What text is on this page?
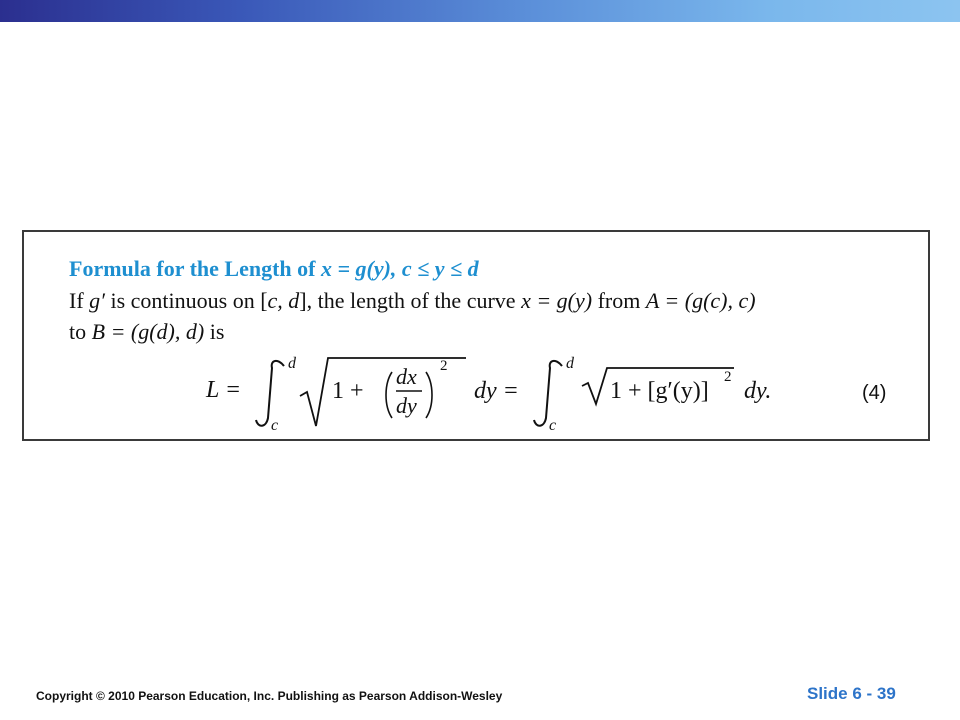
Formula for the Length of x = g(y), c ≤ y ≤ d
If g′ is continuous on [c, d], the length of the curve x = g(y) from A = (g(c), c)
to B = (g(d), d) is
L =
d
c
1 +
dx
dy
2
dy =
d
c
1 + [g′(y)]
2
dy.	(4)
Copyright © 2010 Pearson Education, Inc. Publishing as Pearson Addison-Wesley	Slide 6 - 39
